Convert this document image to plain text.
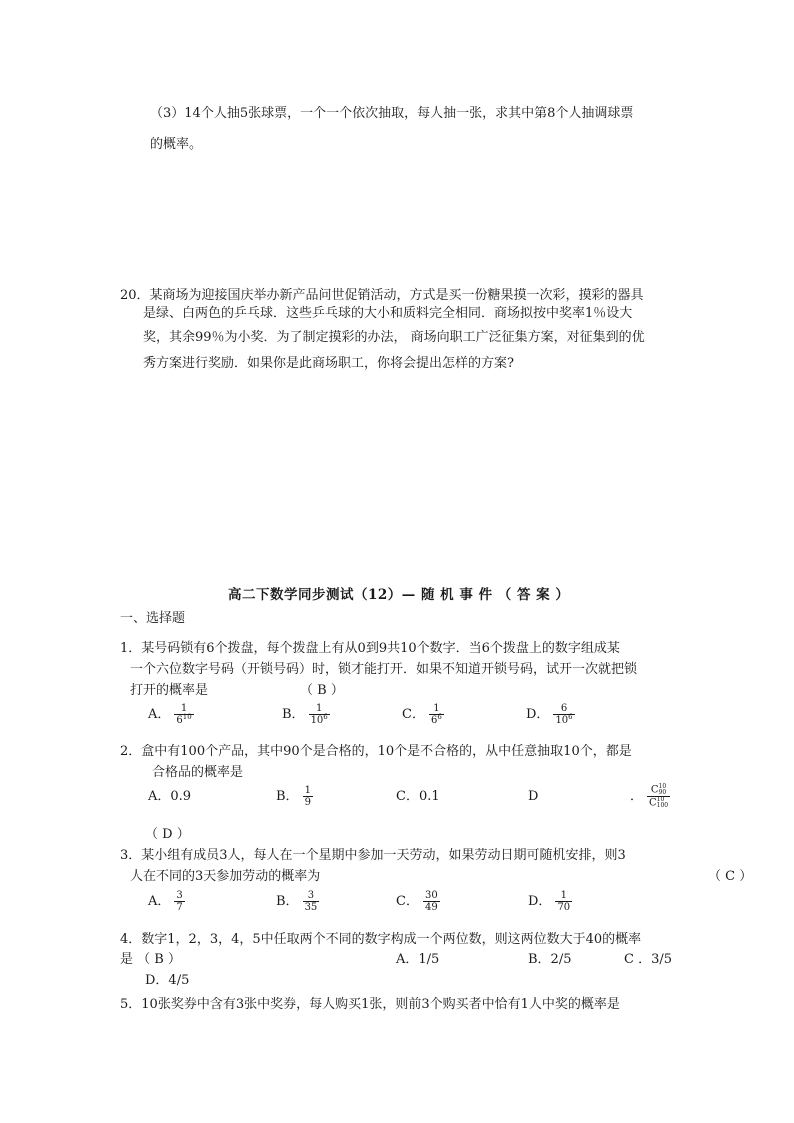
（3）14个人抽5张球票，一个一个依次抽取，每人抽一张，求其中第8个人抽调球票
的概率。
20．某商场为迎接国庆举办新产品问世促销活动，方式是买一份糖果摸一次彩，摸彩的器具
是绿、白两色的乒乓球．这些乒乓球的大小和质料完全相同．商场拟按中奖率1％设大
奖，其余99％为小奖．为了制定摸彩的办法， 商场向职工广泛征集方案，对征集到的优
秀方案进行奖励．如果你是此商场职工，你将会提出怎样的方案?
高二下数学同步测试（12）— 随 机 事 件 （ 答 案 ）
一、选择题
1．某号码锁有6个拨盘，每个拨盘上有从0到9共10个数字．当6个拨盘上的数字组成某
一个六位数字号码（开锁号码）时，锁才能打开．如果不知道开锁号码，试开一次就把锁
打开的概率是	（ B ）
A． $\frac{1}{6^{10}}$	B． $\frac{1}{10^6}$	C． $\frac{1}{6^6}$	D． $\frac{6}{10^6}$
2．盒中有100个产品，其中90个是合格的，10个是不合格的，从中任意抽取10个，都是
合格品的概率是
A．0.9	B． $\frac{1}{9}$	C．0.1	D	． C 10
90
C 10
100
（ D ）
3．某小组有成员3人，每人在一个星期中参加一天劳动，如果劳动日期可随机安排，则3
人在不同的3天参加劳动的概率为	（ C ）
A． $\frac{3}{7}$	B． $\frac{3}{35}$	C． $\frac{30}{49}$	D． $\frac{1}{70}$
4．数字1，2，3，4，5中任取两个不同的数字构成一个两位数，则这两位数大于40的概率
是 （ B ）	A．1/5	B．2/5	C ．3/5
D．4/5
5．10张奖券中含有3张中奖券，每人购买1张，则前3个购买者中恰有1人中奖的概率是
